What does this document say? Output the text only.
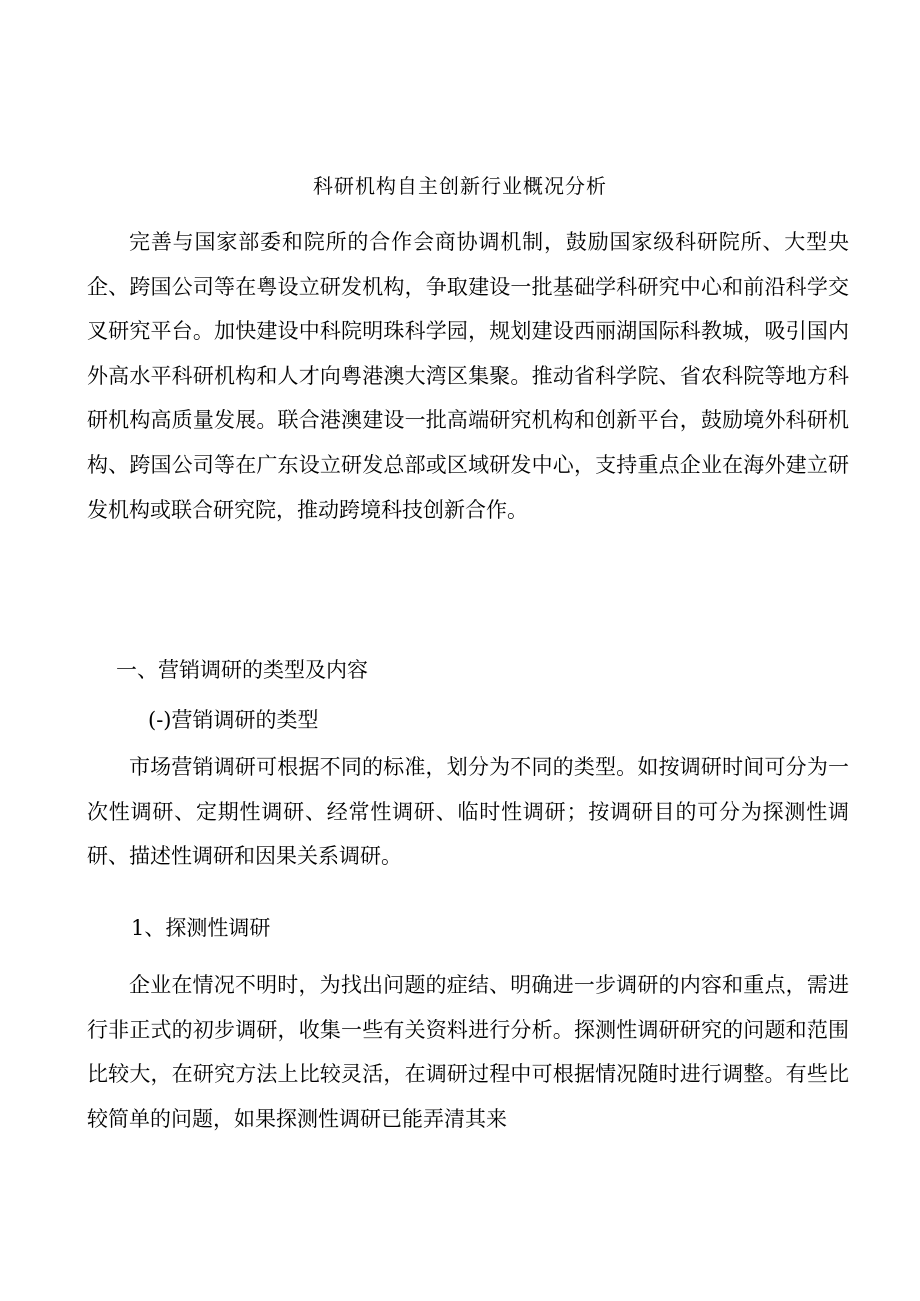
科研机构自主创新行业概况分析

完善与国家部委和院所的合作会商协调机制，鼓励国家级科研院所、大型央企、跨国公司等在粤设立研发机构，争取建设一批基础学科研究中心和前沿科学交叉研究平台。加快建设中科院明珠科学园，规划建设西丽湖国际科教城，吸引国内外高水平科研机构和人才向粤港澳大湾区集聚。推动省科学院、省农科院等地方科研机构高质量发展。联合港澳建设一批高端研究机构和创新平台，鼓励境外科研机构、跨国公司等在广东设立研发总部或区域研发中心，支持重点企业在海外建立研发机构或联合研究院，推动跨境科技创新合作。

一、营销调研的类型及内容

(-)营销调研的类型

市场营销调研可根据不同的标准，划分为不同的类型。如按调研时间可分为一次性调研、定期性调研、经常性调研、临时性调研；按调研目的可分为探测性调研、描述性调研和因果关系调研。

1、探测性调研

企业在情况不明时，为找出问题的症结、明确进一步调研的内容和重点，需进行非正式的初步调研，收集一些有关资料进行分析。探测性调研研究的问题和范围比较大，在研究方法上比较灵活，在调研过程中可根据情况随时进行调整。有些比较简单的问题，如果探测性调研已能弄清其来
